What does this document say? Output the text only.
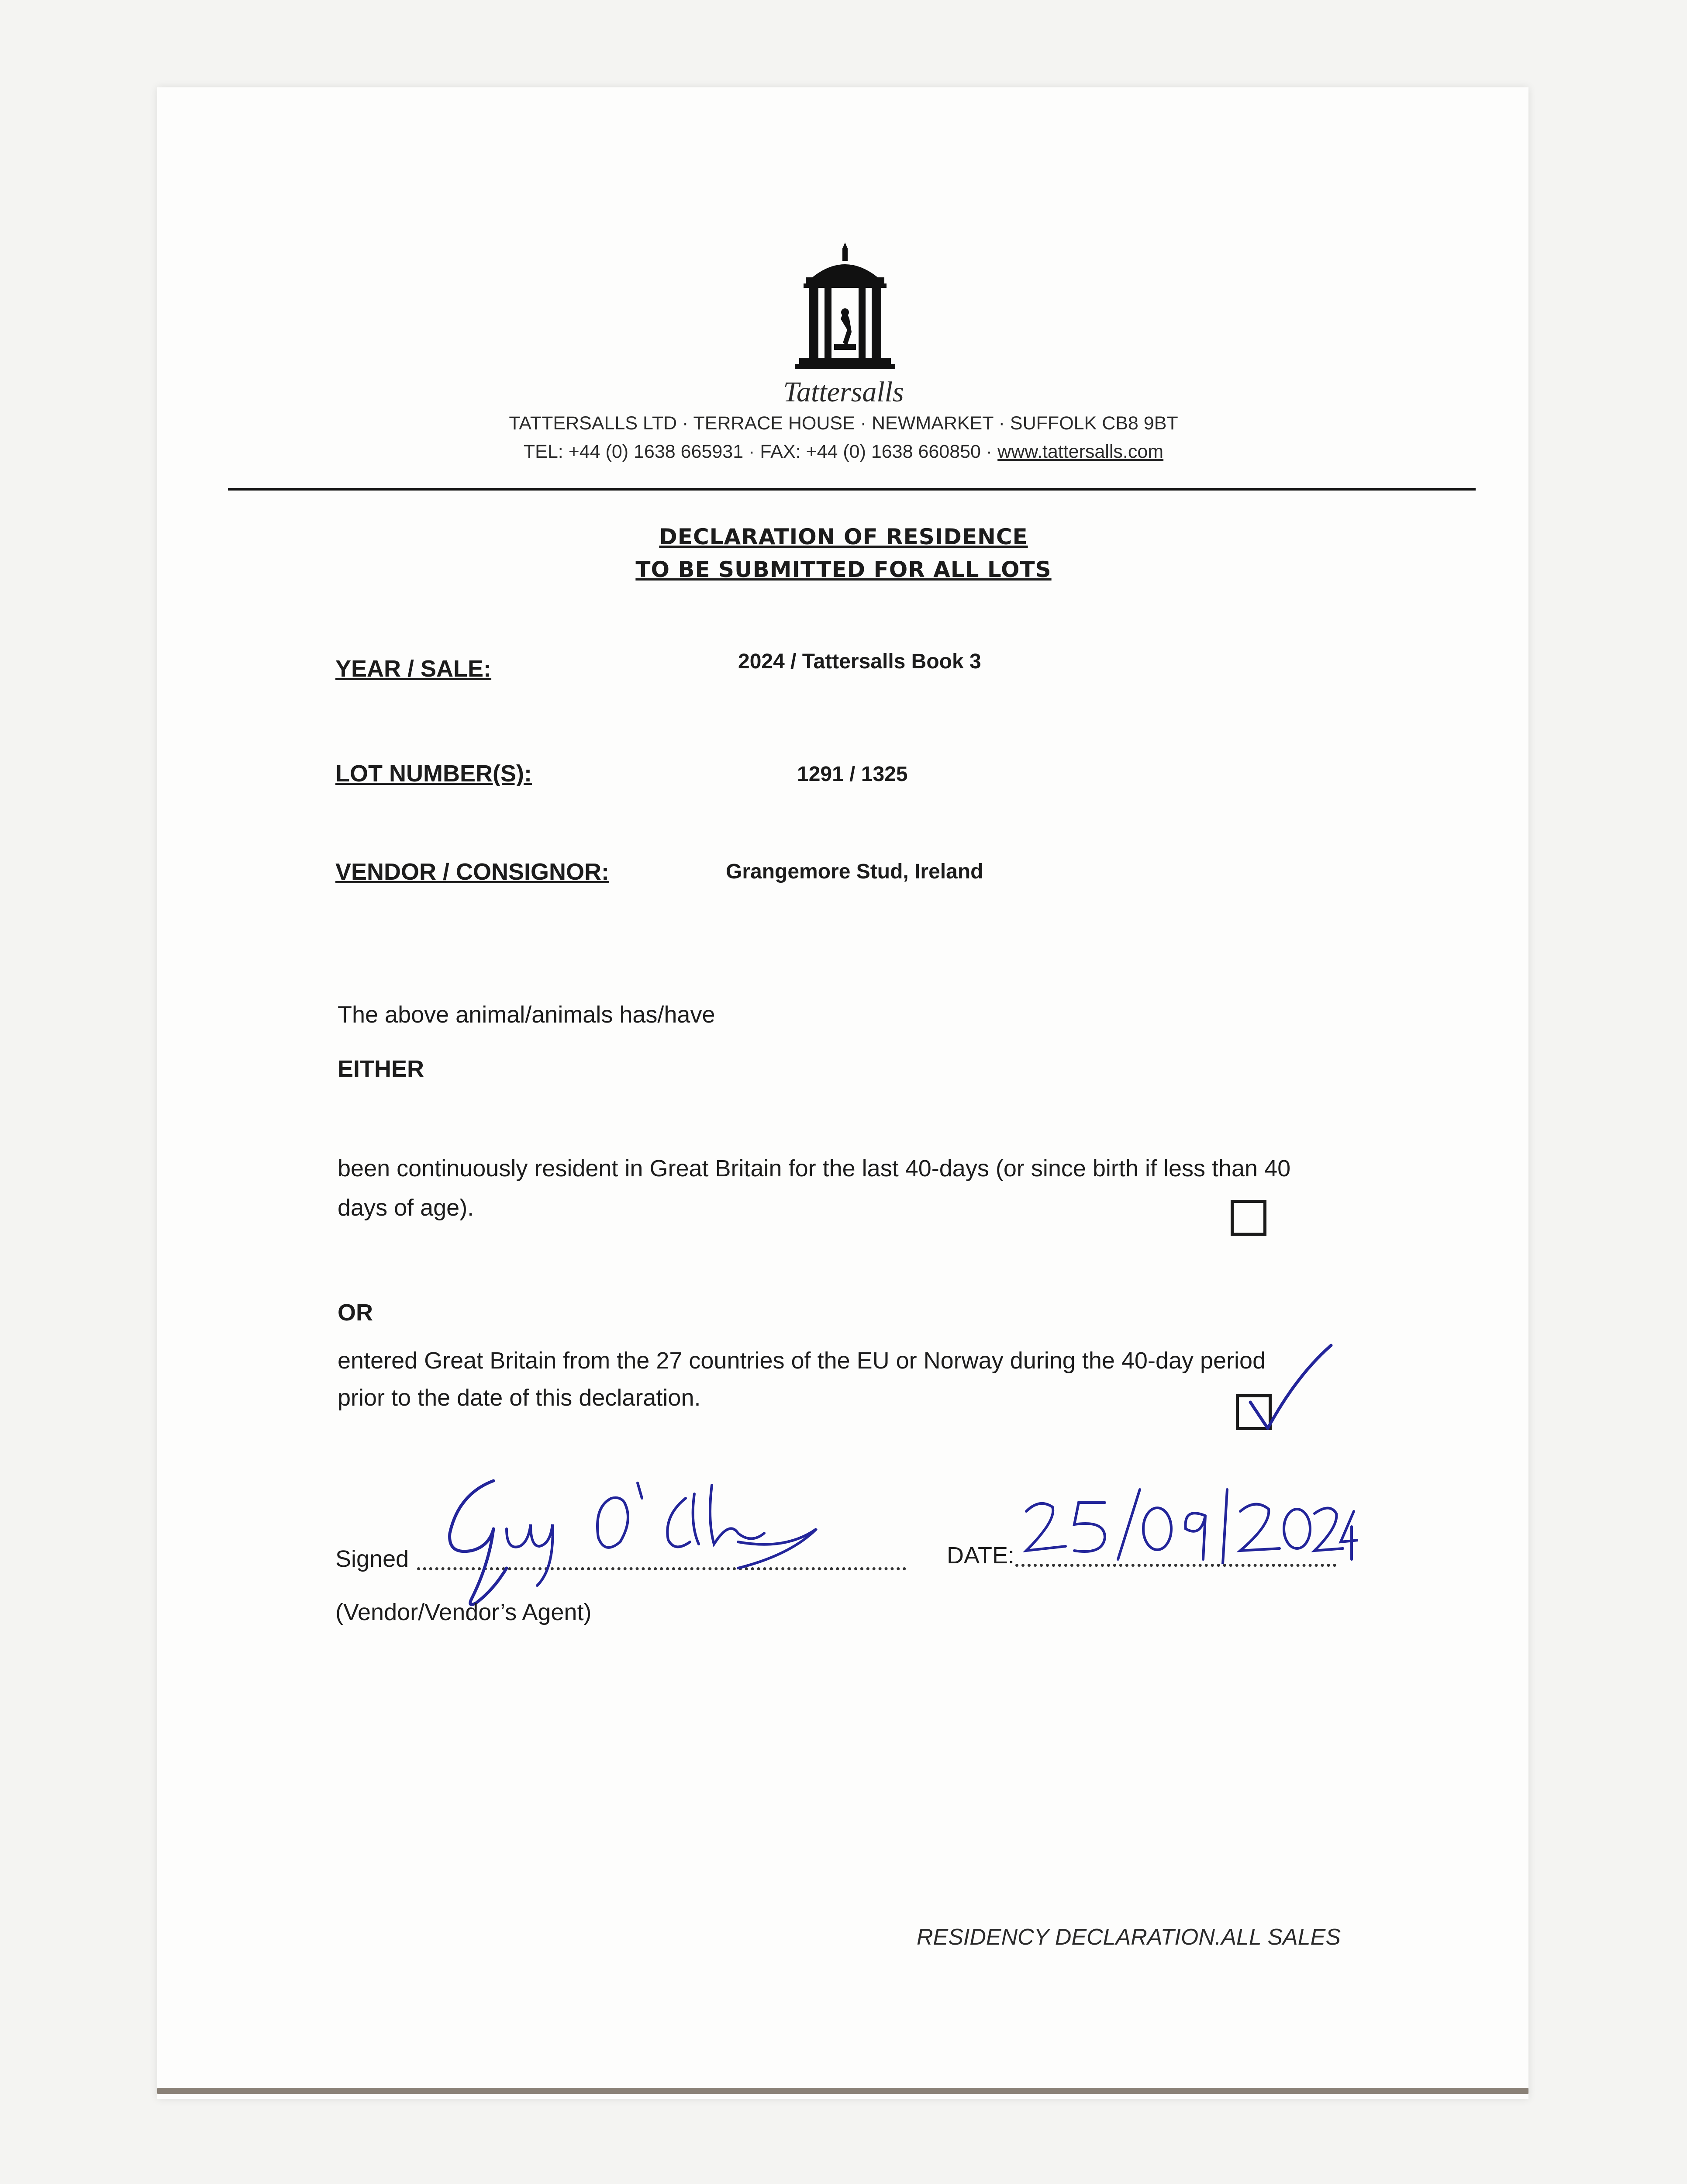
Tattersalls
TATTERSALLS LTD · TERRACE HOUSE · NEWMARKET · SUFFOLK CB8 9BT
TEL: +44 (0) 1638 665931 · FAX: +44 (0) 1638 660850 · www.tattersalls.com
DECLARATION OF RESIDENCE
TO BE SUBMITTED FOR ALL LOTS
YEAR / SALE:	2024 / Tattersalls Book 3
LOT NUMBER(S):	1291 / 1325
VENDOR / CONSIGNOR:	Grangemore Stud, Ireland
The above animal/animals has/have
EITHER
been continuously resident in Great Britain for the last 40-days (or since birth if less than 40
days of age).
OR
entered Great Britain from the 27 countries of the EU or Norway during the 40-day period
prior to the date of this declaration.
Signed
(Vendor/Vendor’s Agent)
DATE:
RESIDENCY DECLARATION.ALL SALES
